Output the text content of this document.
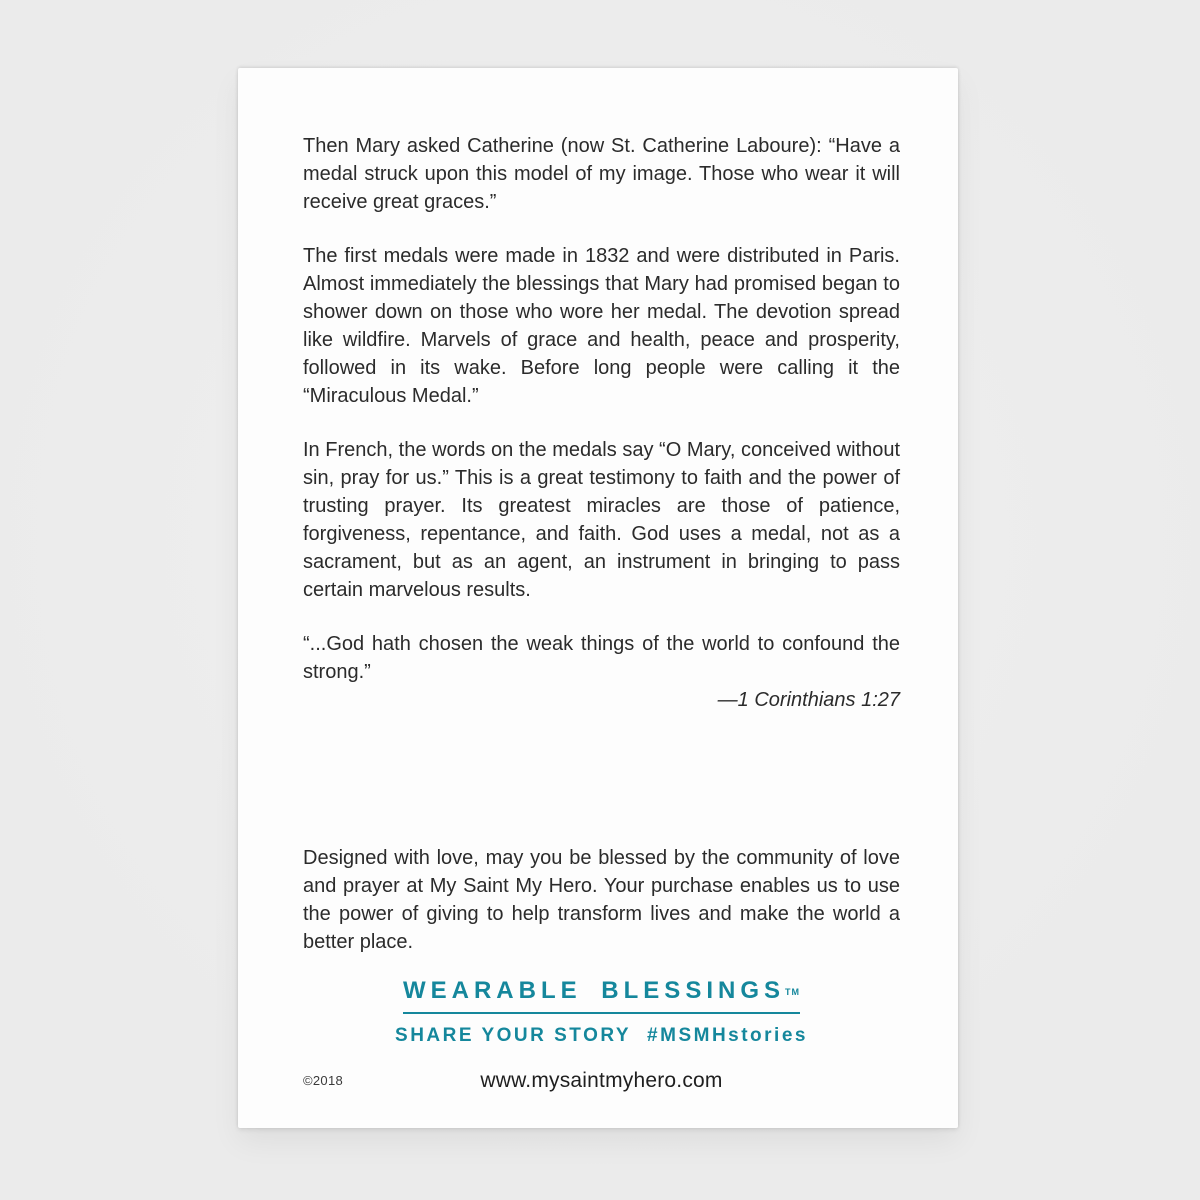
Then Mary asked Catherine (now St. Catherine Laboure): “Have a medal struck upon this model of my image. Those who wear it will receive great graces.”

The first medals were made in 1832 and were distributed in Paris. Almost immediately the blessings that Mary had promised began to shower down on those who wore her medal. The devotion spread like wildfire. Marvels of grace and health, peace and prosperity, followed in its wake. Before long people were calling it the “Miraculous Medal.”

In French, the words on the medals say “O Mary, conceived without sin, pray for us.” This is a great testimony to faith and the power of trusting prayer. Its greatest miracles are those of patience, forgiveness, repentance, and faith. God uses a medal, not as a sacrament, but as an agent, an instrument in bringing to pass certain marvelous results.

“...God hath chosen the weak things of the world to confound the strong.”

—1 Corinthians 1:27

Designed with love, may you be blessed by the community of love and prayer at My Saint My Hero. Your purchase enables us to use the power of giving to help transform lives and make the world a better place.

WEARABLE BLESSINGS™
SHARE YOUR STORY #MSMHstories
©2018	www.mysaintmyhero.com
